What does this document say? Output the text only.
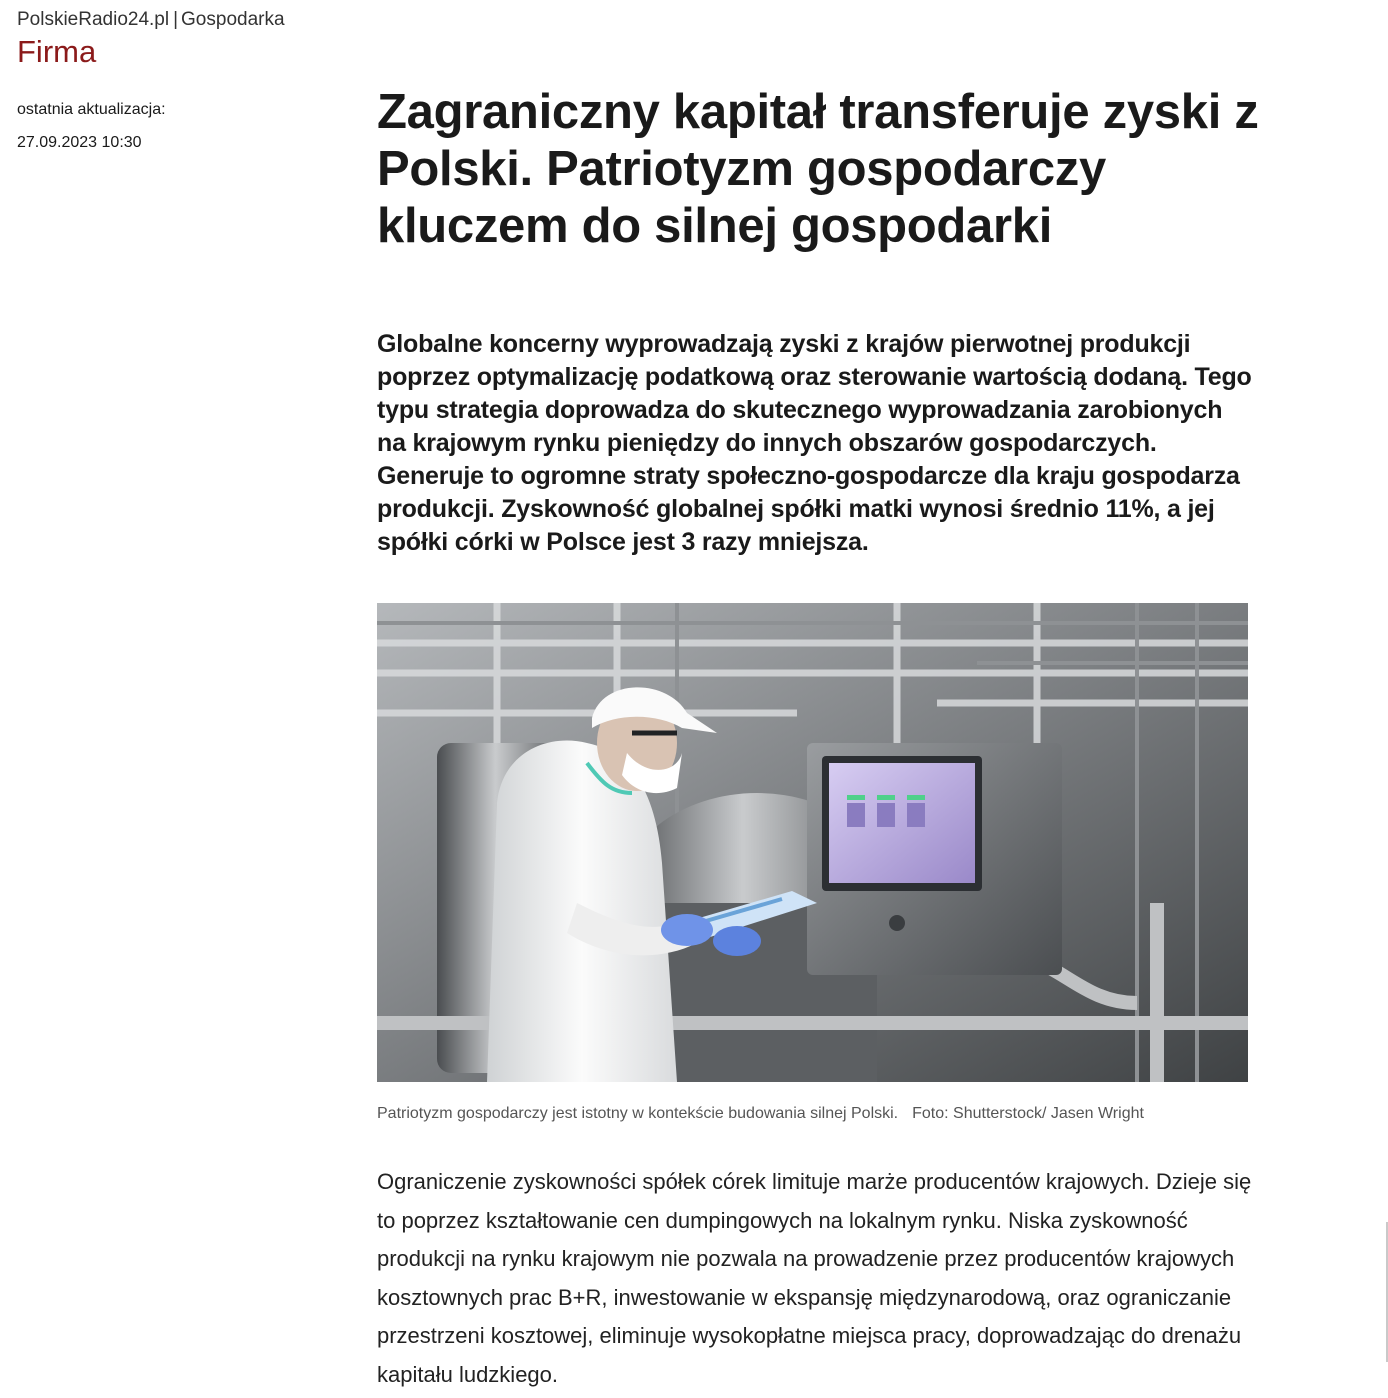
PolskieRadio24.pl | Gospodarka
Firma
ostatnia aktualizacja:
27.09.2023 10:30
Zagraniczny kapitał transferuje zyski z Polski. Patriotyzm gospodarczy kluczem do silnej gospodarki

Globalne koncerny wyprowadzają zyski z krajów pierwotnej produkcji poprzez optymalizację podatkową oraz sterowanie wartością dodaną. Tego typu strategia doprowadza do skutecznego wyprowadzania zarobionych na krajowym rynku pieniędzy do innych obszarów gospodarczych. Generuje to ogromne straty społeczno-gospodarcze dla kraju gospodarza produkcji. Zyskowność globalnej spółki matki wynosi średnio 11%, a jej spółki córki w Polsce jest 3 razy mniejsza.

Patriotyzm gospodarczy jest istotny w kontekście budowania silnej Polski. Foto: Shutterstock/ Jasen Wright

Ograniczenie zyskowności spółek córek limituje marże producentów krajowych. Dzieje się to poprzez kształtowanie cen dumpingowych na lokalnym rynku. Niska zyskowność produkcji na rynku krajowym nie pozwala na prowadzenie przez producentów krajowych kosztownych prac B+R, inwestowanie w ekspansję międzynarodową, oraz ograniczanie przestrzeni kosztowej, eliminuje wysokopłatne miejsca pracy, doprowadzając do drenażu kapitału ludzkiego.
